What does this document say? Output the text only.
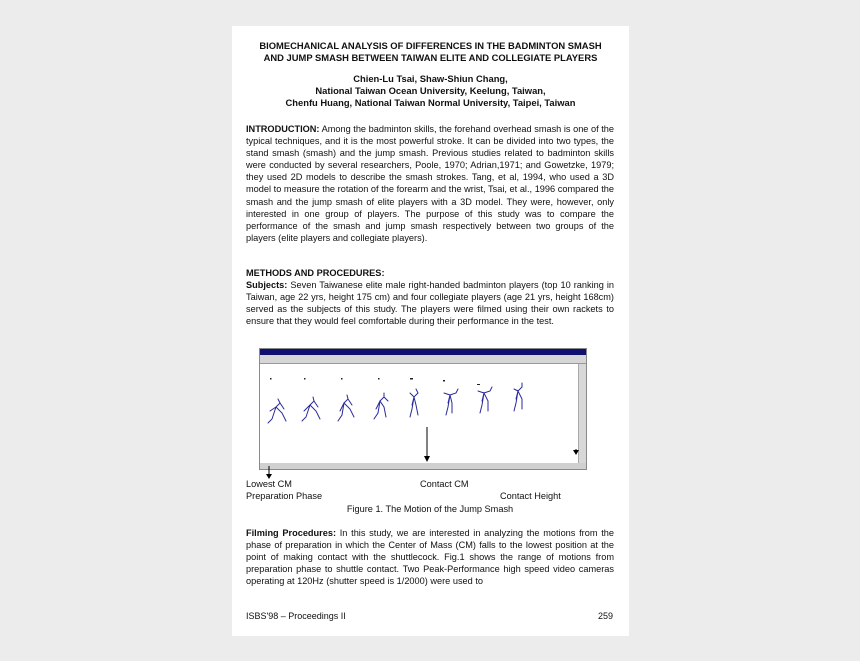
BIOMECHANICAL ANALYSIS OF DIFFERENCES IN THE BADMINTON SMASH
AND JUMP SMASH BETWEEN TAIWAN ELITE AND COLLEGIATE PLAYERS
Chien-Lu Tsai, Shaw-Shiun Chang,
National Taiwan Ocean University, Keelung, Taiwan,
Chenfu Huang, National Taiwan Normal University, Taipei, Taiwan
INTRODUCTION: Among the badminton skills, the forehand overhead smash is one of the typical techniques, and it is the most powerful stroke. It can be divided into two types, the stand smash (smash) and the jump smash. Previous studies related to badminton skills were conducted by several researchers, Poole, 1970; Adrian,1971; and Gowetzke, 1979; they used 2D models to describe the smash strokes. Tang, et al, 1994, who used a 3D model to measure the rotation of the forearm and the wrist, Tsai, et al., 1996 compared the smash and the jump smash of elite players with a 3D model. They were, however, only interested in one group of players. The purpose of this study was to compare the performance of the smash and jump smash respectively between two groups of the players (elite players and collegiate players).
METHODS AND PROCEDURES:
Subjects: Seven Taiwanese elite male right-handed badminton players (top 10 ranking in Taiwan, age 22 yrs, height 175 cm) and four collegiate players (age 21 yrs, height 168cm) served as the subjects of this study. The players were filmed using their own rackets to ensure that they would feel comfortable during their performance in the test.
Lowest CM	Contact CM
Preparation Phase	Contact Height
Figure 1. The Motion of the Jump Smash
Filming Procedures: In this study, we are interested in analyzing the motions from the phase of preparation in which the Center of Mass (CM) falls to the lowest position at the point of making contact with the shuttlecock. Fig.1 shows the range of motions from preparation phase to shuttle contact. Two Peak-Performance high speed video cameras operating at 120Hz (shutter speed is 1/2000) were used to
ISBS'98 – Proceedings II	259
